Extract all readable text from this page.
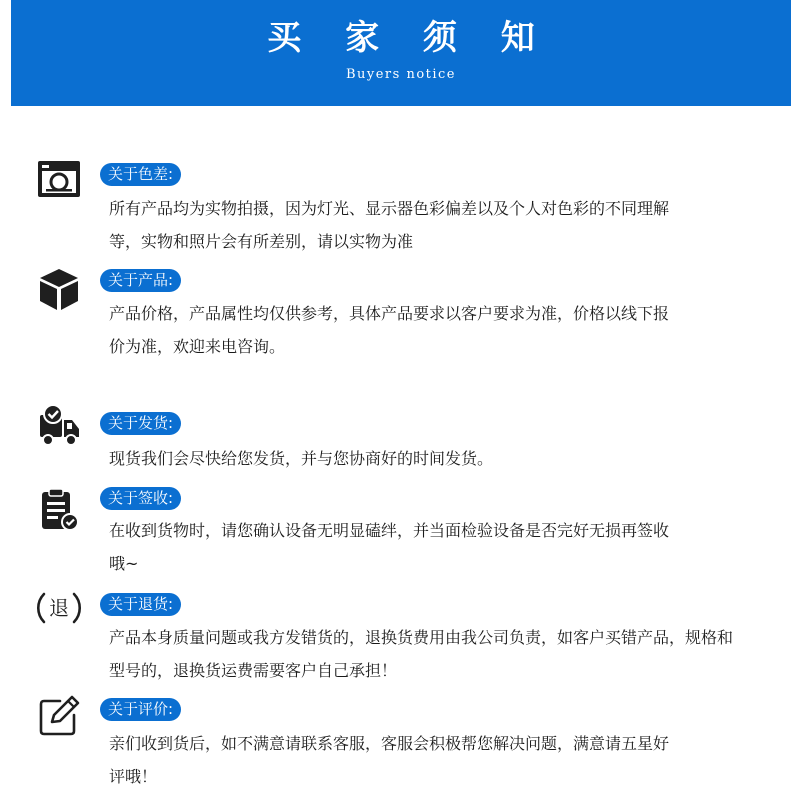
买 家 须 知
Buyers notice
关于色差:
所有产品均为实物拍摄，因为灯光、显示器色彩偏差以及个人对色彩的不同理解
等，实物和照片会有所差别，请以实物为准
关于产品:
产品价格，产品属性均仅供参考，具体产品要求以客户要求为准，价格以线下报
价为准，欢迎来电咨询。
关于发货:
现货我们会尽快给您发货，并与您协商好的时间发货。
关于签收:
在收到货物时，请您确认设备无明显磕绊，并当面检验设备是否完好无损再签收
哦~
退	关于退货:
产品本身质量问题或我方发错货的，退换货费用由我公司负责，如客户买错产品，规格和
型号的，退换货运费需要客户自己承担！
关于评价:
亲们收到货后，如不满意请联系客服，客服会积极帮您解决问题，满意请五星好
评哦！
